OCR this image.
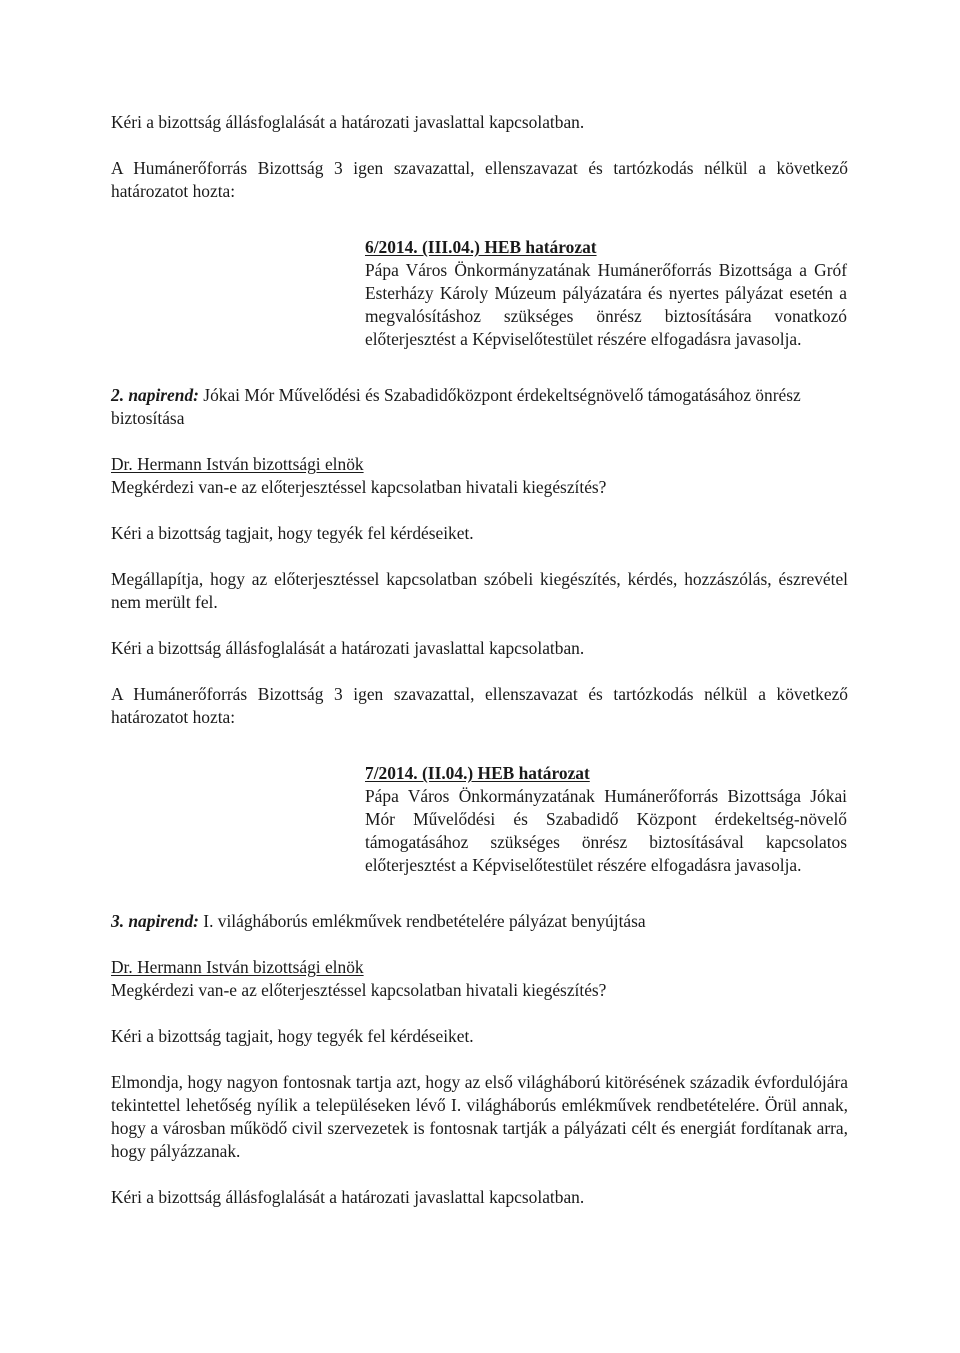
Kéri a bizottság állásfoglalását a határozati javaslattal kapcsolatban.

A Humánerőforrás Bizottság 3 igen szavazattal, ellenszavazat és tartózkodás nélkül a következő határozatot hozta:

6/2014. (III.04.) HEB határozat

Pápa Város Önkormányzatának Humánerőforrás Bizottsága a Gróf Esterházy Károly Múzeum pályázatára és nyertes pályázat esetén a megvalósításhoz szükséges önrész biztosítására vonatkozó előterjesztést a Képviselőtestület részére elfogadásra javasolja.

2. napirend: Jókai Mór Művelődési és Szabadidőközpont érdekeltségnövelő támogatásához önrész biztosítása

Dr. Hermann István bizottsági elnök

Megkérdezi van-e az előterjesztéssel kapcsolatban hivatali kiegészítés?

Kéri a bizottság tagjait, hogy tegyék fel kérdéseiket.

Megállapítja, hogy az előterjesztéssel kapcsolatban szóbeli kiegészítés, kérdés, hozzászólás, észrevétel nem merült fel.

Kéri a bizottság állásfoglalását a határozati javaslattal kapcsolatban.

A Humánerőforrás Bizottság 3 igen szavazattal, ellenszavazat és tartózkodás nélkül a következő határozatot hozta:

7/2014. (II.04.) HEB határozat

Pápa Város Önkormányzatának Humánerőforrás Bizottsága Jókai Mór Művelődési és Szabadidő Központ érdekeltség-növelő támogatásához szükséges önrész biztosításával kapcsolatos előterjesztést a Képviselőtestület részére elfogadásra javasolja.

3. napirend: I. világháborús emlékművek rendbetételére pályázat benyújtása

Dr. Hermann István bizottsági elnök

Megkérdezi van-e az előterjesztéssel kapcsolatban hivatali kiegészítés?

Kéri a bizottság tagjait, hogy tegyék fel kérdéseiket.

Elmondja, hogy nagyon fontosnak tartja azt, hogy az első világháború kitörésének századik évfordulójára tekintettel lehetőség nyílik a településeken lévő I. világháborús emlékművek rendbetételére. Örül annak, hogy a városban működő civil szervezetek is fontosnak tartják a pályázati célt és energiát fordítanak arra, hogy pályázzanak.

Kéri a bizottság állásfoglalását a határozati javaslattal kapcsolatban.
